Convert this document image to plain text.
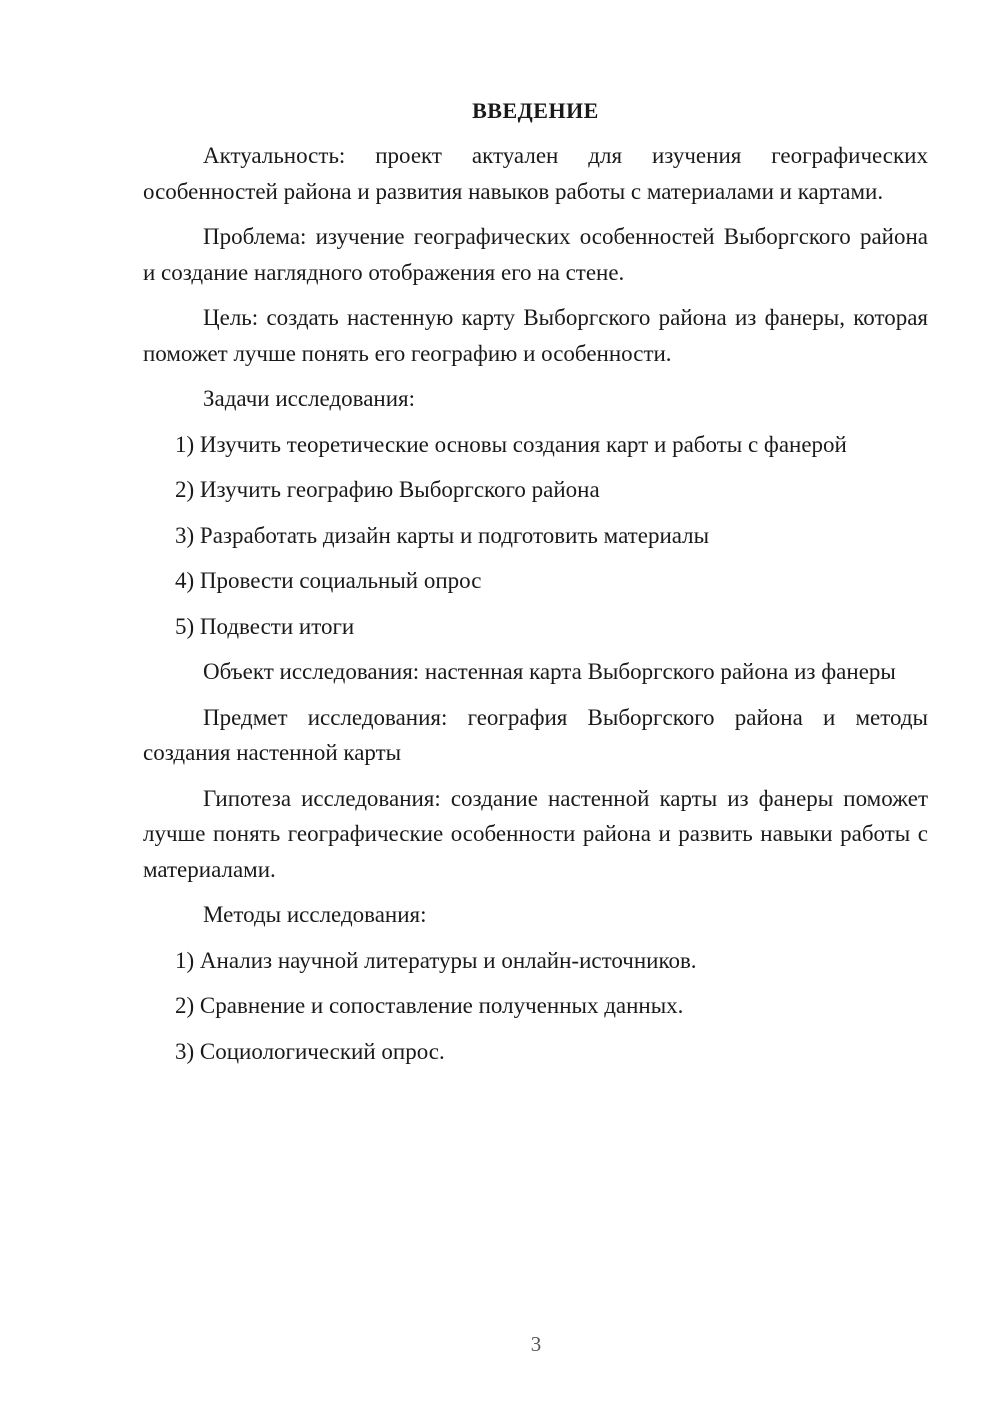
ВВЕДЕНИЕ

Актуальность: проект актуален для изучения географических особенностей района и развития навыков работы с материалами и картами.

Проблема: изучение географических особенностей Выборгского района и создание наглядного отображения его на стене.

Цель: создать настенную карту Выборгского района из фанеры, которая поможет лучше понять его географию и особенности.

Задачи исследования:

1) Изучить теоретические основы создания карт и работы с фанерой
2) Изучить географию Выборгского района
3) Разработать дизайн карты и подготовить материалы
4) Провести социальный опрос
5) Подвести итоги

Объект исследования: настенная карта Выборгского района из фанеры

Предмет исследования: география Выборгского района и методы создания настенной карты

Гипотеза исследования: создание настенной карты из фанеры поможет лучше понять географические особенности района и развить навыки работы с материалами.

Методы исследования:

1) Анализ научной литературы и онлайн-источников.
2) Сравнение и сопоставление полученных данных.
3) Социологический опрос.
3
